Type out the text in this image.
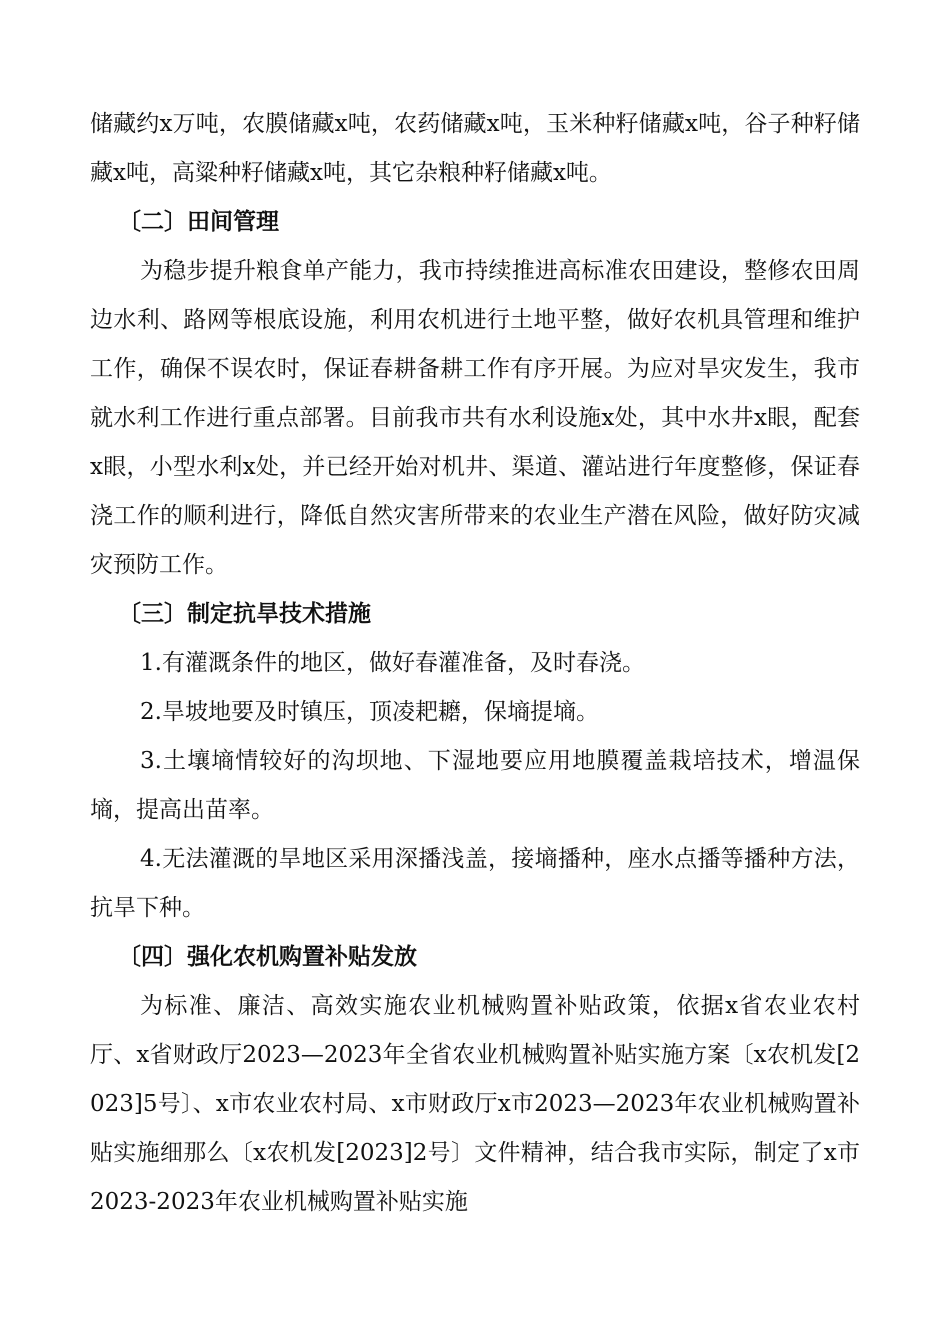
储藏约x万吨，农膜储藏x吨，农药储藏x吨，玉米种籽储藏x吨，谷子种籽储藏x吨，高粱种籽储藏x吨，其它杂粮种籽储藏x吨。

〔二〕田间管理

为稳步提升粮食单产能力，我市持续推进高标准农田建设，整修农田周边水利、路网等根底设施，利用农机进行土地平整，做好农机具管理和维护工作，确保不误农时，保证春耕备耕工作有序开展。为应对旱灾发生，我市就水利工作进行重点部署。目前我市共有水利设施x处，其中水井x眼，配套x眼，小型水利x处，并已经开始对机井、渠道、灌站进行年度整修，保证春浇工作的顺利进行，降低自然灾害所带来的农业生产潜在风险，做好防灾减灾预防工作。

〔三〕制定抗旱技术措施

1.有灌溉条件的地区，做好春灌准备，及时春浇。

2.旱坡地要及时镇压，顶凌耙耱，保墒提墒。

3.土壤墒情较好的沟坝地、下湿地要应用地膜覆盖栽培技术，增温保墒，提高出苗率。

4.无法灌溉的旱地区采用深播浅盖，接墒播种，座水点播等播种方法，抗旱下种。

〔四〕强化农机购置补贴发放

为标准、廉洁、高效实施农业机械购置补贴政策，依据x省农业农村厅、x省财政厅2023—2023年全省农业机械购置补贴实施方案〔x农机发[2023]5号〕、x市农业农村局、x市财政厅x市2023—2023年农业机械购置补贴实施细那么〔x农机发[2023]2号〕文件精神，结合我市实际，制定了x市2023-2023年农业机械购置补贴实施
